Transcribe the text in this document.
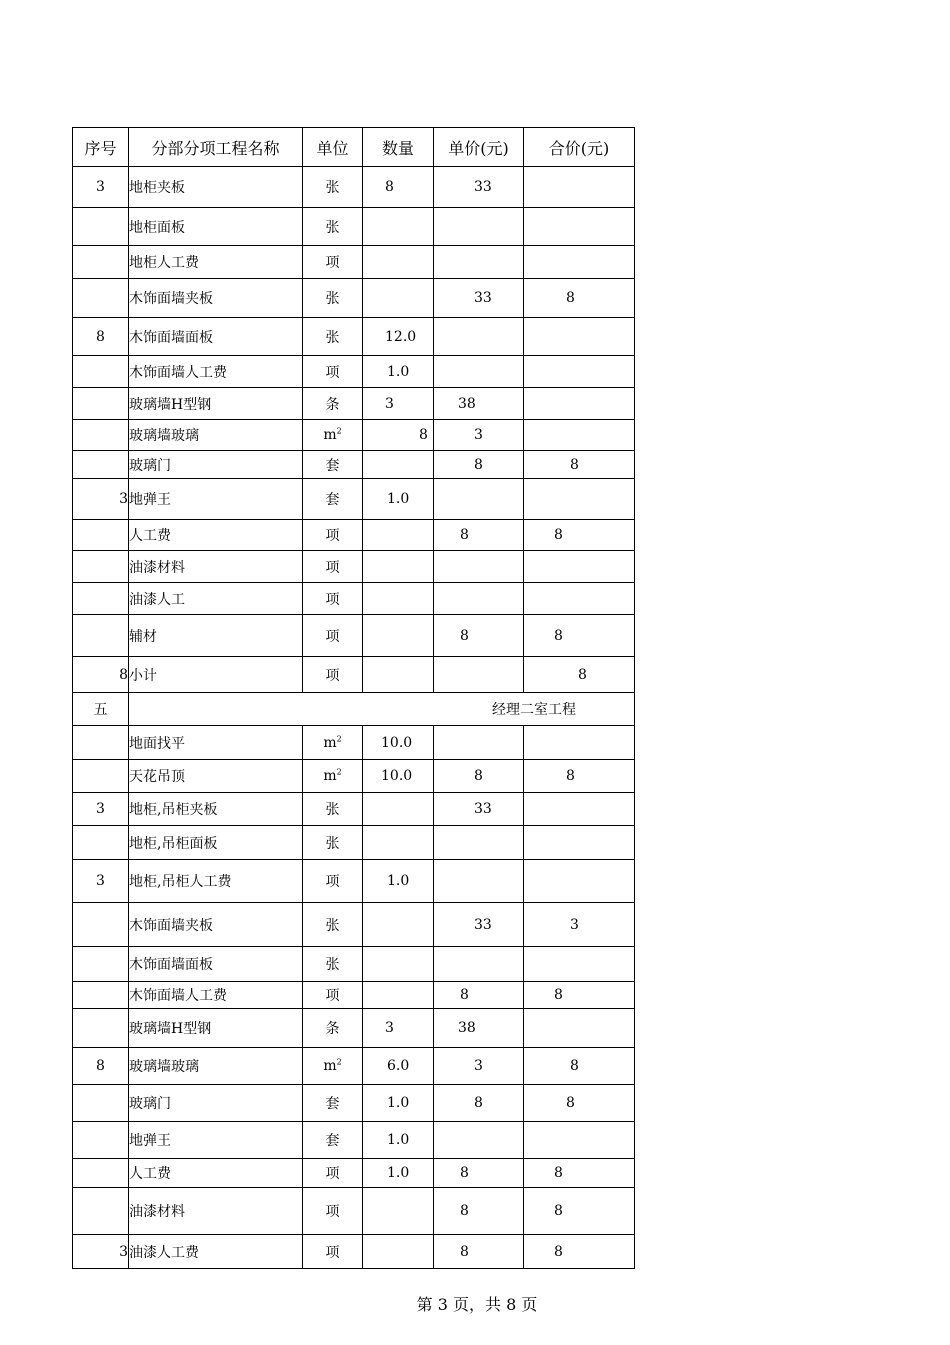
序号	分部分项工程名称	单位	数量	单价(元)	合价(元)
3	地柜夹板	张	8	33	
	地柜面板	张			
	地柜人工费	项			
	木饰面墙夹板	张		33	8
8	木饰面墙面板	张	12.0		
	木饰面墙人工费	项	1.0		
	玻璃墙H型钢	条	3	38	
	玻璃墙玻璃	$m^2$	8	3	
	玻璃门	套		8	8
3	地弹王	套	1.0		
	人工费	项		8	8
	油漆材料	项			
	油漆人工	项			
	辅材	项		8	8
8	小计	项			8
五	经理二室工程				
	地面找平	$m^2$	10.0		
	天花吊顶	$m^2$	10.0	8	8
3	地柜,吊柜夹板	张		33	
	地柜,吊柜面板	张			
3	地柜,吊柜人工费	项	1.0		
	木饰面墙夹板	张		33	3
	木饰面墙面板	张			
	木饰面墙人工费	项		8	8
	玻璃墙H型钢	条	3	38	
8	玻璃墙玻璃	$m^2$	6.0	3	8
	玻璃门	套	1.0	8	8
	地弹王	套	1.0		
	人工费	项	1.0	8	8
	油漆材料	项		8	8
3	油漆人工费	项		8	8
第 3 页，共 8 页
